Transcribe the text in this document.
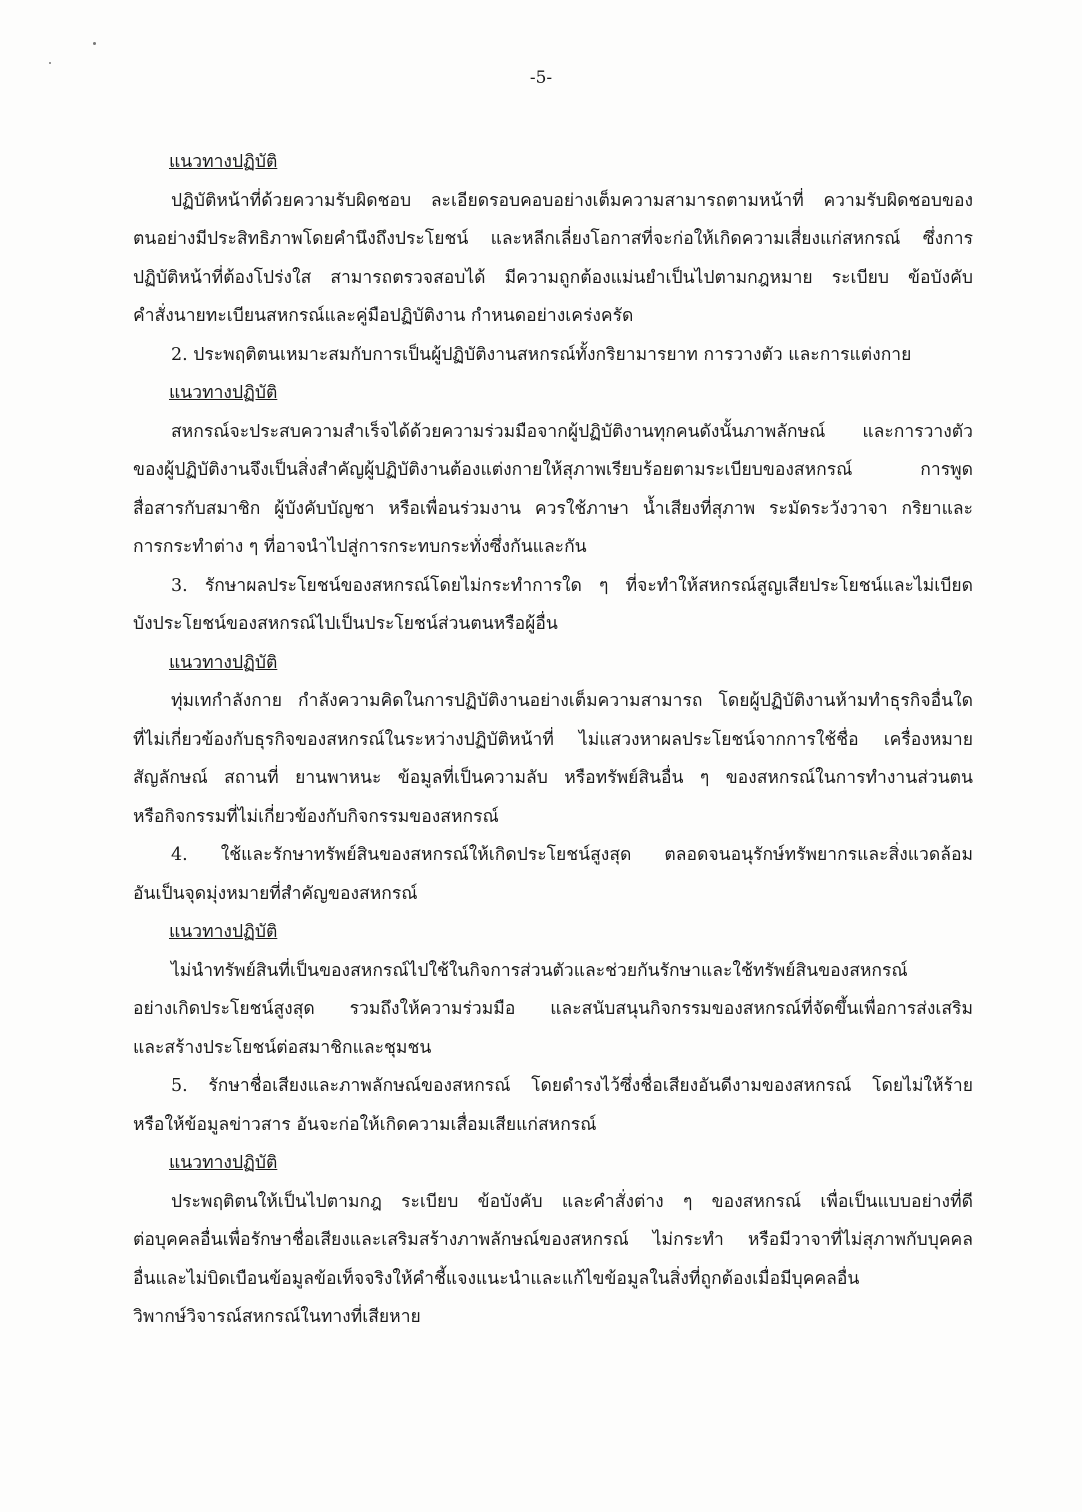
-5-
แนวทางปฏิบัติ
ปฏิบัติหน้าที่ด้วยความรับผิดชอบ ละเอียดรอบคอบอย่างเต็มความสามารถตามหน้าที่ ความรับผิดชอบของ
ตนอย่างมีประสิทธิภาพโดยคำนึงถึงประโยชน์ และหลีกเลี่ยงโอกาสที่จะก่อให้เกิดความเสี่ยงแก่สหกรณ์ ซึ่งการ
ปฏิบัติหน้าที่ต้องโปร่งใส สามารถตรวจสอบได้ มีความถูกต้องแม่นยำเป็นไปตามกฎหมาย ระเบียบ ข้อบังคับ
คำสั่งนายทะเบียนสหกรณ์และคู่มือปฏิบัติงาน กำหนดอย่างเคร่งครัด
2. ประพฤติตนเหมาะสมกับการเป็นผู้ปฏิบัติงานสหกรณ์ทั้งกริยามารยาท การวางตัว และการแต่งกาย
แนวทางปฏิบัติ
สหกรณ์จะประสบความสำเร็จได้ด้วยความร่วมมือจากผู้ปฏิบัติงานทุกคนดังนั้นภาพลักษณ์ และการวางตัว
ของผู้ปฏิบัติงานจึงเป็นสิ่งสำคัญผู้ปฏิบัติงานต้องแต่งกายให้สุภาพเรียบร้อยตามระเบียบของสหกรณ์ การพูด
สื่อสารกับสมาชิก ผู้บังคับบัญชา หรือเพื่อนร่วมงาน ควรใช้ภาษา น้ำเสียงที่สุภาพ ระมัดระวังวาจา กริยาและ
การกระทำต่าง ๆ ที่อาจนำไปสู่การกระทบกระทั่งซึ่งกันและกัน
3. รักษาผลประโยชน์ของสหกรณ์โดยไม่กระทำการใด ๆ ที่จะทำให้สหกรณ์สูญเสียประโยชน์และไม่เบียด
บังประโยชน์ของสหกรณ์ไปเป็นประโยชน์ส่วนตนหรือผู้อื่น
แนวทางปฏิบัติ
ทุ่มเทกำลังกาย กำลังความคิดในการปฏิบัติงานอย่างเต็มความสามารถ โดยผู้ปฏิบัติงานห้ามทำธุรกิจอื่นใด
ที่ไม่เกี่ยวข้องกับธุรกิจของสหกรณ์ในระหว่างปฏิบัติหน้าที่ ไม่แสวงหาผลประโยชน์จากการใช้ชื่อ เครื่องหมาย
สัญลักษณ์ สถานที่ ยานพาหนะ ข้อมูลที่เป็นความลับ หรือทรัพย์สินอื่น ๆ ของสหกรณ์ในการทำงานส่วนตน
หรือกิจกรรมที่ไม่เกี่ยวข้องกับกิจกรรมของสหกรณ์
4. ใช้และรักษาทรัพย์สินของสหกรณ์ให้เกิดประโยชน์สูงสุด ตลอดจนอนุรักษ์ทรัพยากรและสิ่งแวดล้อม
อันเป็นจุดมุ่งหมายที่สำคัญของสหกรณ์
แนวทางปฏิบัติ
ไม่นำทรัพย์สินที่เป็นของสหกรณ์ไปใช้ในกิจการส่วนตัวและช่วยกันรักษาและใช้ทรัพย์สินของสหกรณ์
อย่างเกิดประโยชน์สูงสุด รวมถึงให้ความร่วมมือ และสนับสนุนกิจกรรมของสหกรณ์ที่จัดขึ้นเพื่อการส่งเสริม
และสร้างประโยชน์ต่อสมาชิกและชุมชน
5. รักษาชื่อเสียงและภาพลักษณ์ของสหกรณ์ โดยดำรงไว้ซึ่งชื่อเสียงอันดีงามของสหกรณ์ โดยไม่ให้ร้าย
หรือให้ข้อมูลข่าวสาร อันจะก่อให้เกิดความเสื่อมเสียแก่สหกรณ์
แนวทางปฏิบัติ
ประพฤติตนให้เป็นไปตามกฎ ระเบียบ ข้อบังคับ และคำสั่งต่าง ๆ ของสหกรณ์ เพื่อเป็นแบบอย่างที่ดี
ต่อบุคคลอื่นเพื่อรักษาชื่อเสียงและเสริมสร้างภาพลักษณ์ของสหกรณ์ ไม่กระทำ หรือมีวาจาที่ไม่สุภาพกับบุคคล
อื่นและไม่บิดเบือนข้อมูลข้อเท็จจริงให้คำชี้แจงแนะนำและแก้ไขข้อมูลในสิ่งที่ถูกต้องเมื่อมีบุคคลอื่น
วิพากษ์วิจารณ์สหกรณ์ในทางที่เสียหาย
